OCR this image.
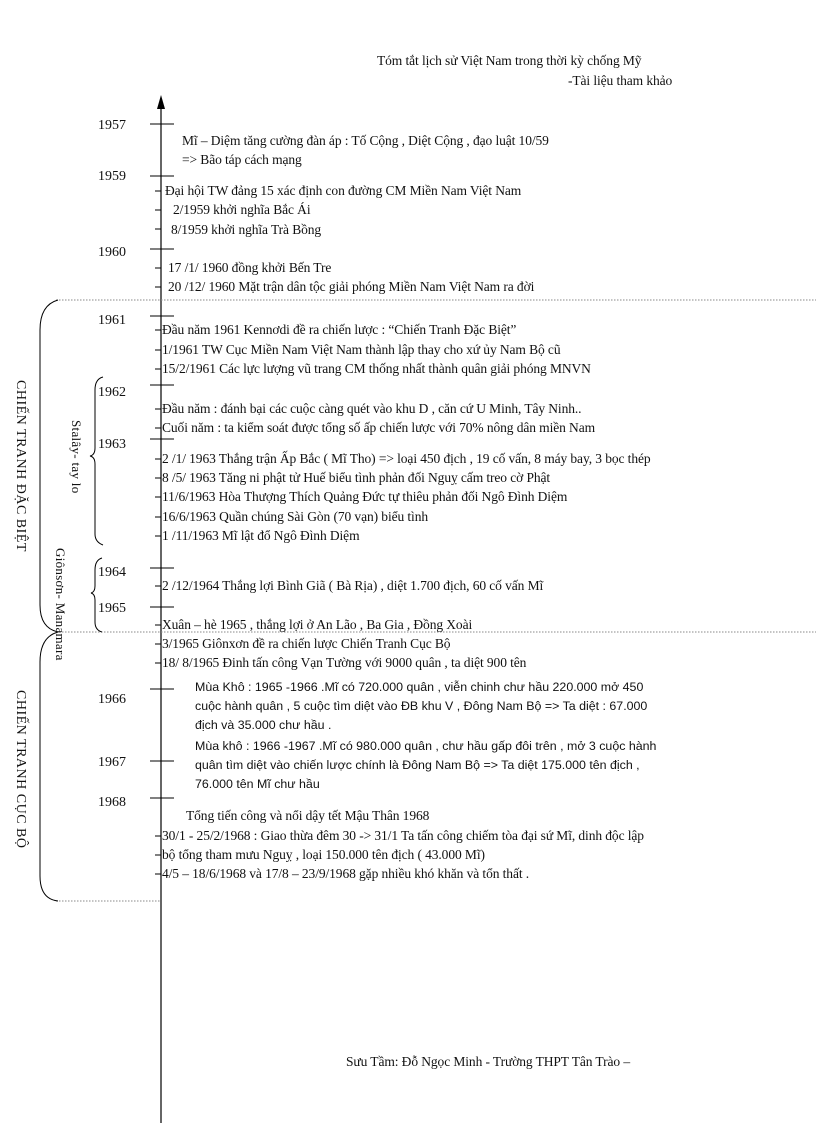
Tóm tắt lịch sử Việt Nam trong thời kỳ chống Mỹ
-Tài liệu tham khảo
CHIẾN TRANH ĐẶC BIỆT
CHIẾN TRANH CỤC BỘ
Stalây- tay lo
Giônsơn- Manamara
1957
1959
1960
1961
1962
1963
1964
1965
1966
1967
1968
Mĩ – Diệm tăng cường đàn áp : Tố Cộng , Diệt Cộng , đạo luật 10/59
=> Bão táp cách mạng
Đại hội TW đảng 15 xác định con đường CM Miền Nam Việt Nam
2/1959 khởi nghĩa Bắc Ái
8/1959 khởi nghĩa Trà Bồng
17 /1/ 1960 đồng khởi Bến Tre
20 /12/ 1960 Mặt trận dân tộc giải phóng Miền Nam Việt Nam ra đời
Đầu năm 1961 Kennơdi đề ra chiến lược : “Chiến Tranh Đặc Biệt”
1/1961 TW Cục Miền Nam Việt Nam thành lập thay cho xứ ủy Nam Bộ cũ
15/2/1961 Các lực lượng vũ trang CM thống nhất thành quân giải phóng MNVN
Đầu năm : đánh bại các cuộc càng quét vào khu D , căn cứ U Minh, Tây Ninh..
Cuối năm : ta kiểm soát được tổng số ấp chiến lược với 70% nông dân miền Nam
2 /1/ 1963 Thắng trận Ấp Bắc ( Mĩ Tho) => loại 450 địch , 19 cố vấn, 8 máy bay, 3 bọc thép
8 /5/ 1963 Tăng ni phật tử Huế biểu tình phản đối Nguỵ cấm treo cờ Phật
11/6/1963 Hòa Thượng Thích Quảng Đức tự thiêu phản đối Ngô Đình Diệm
16/6/1963 Quần chúng Sài Gòn (70 vạn) biểu tình
1 /11/1963 Mĩ lật đổ Ngô Đình Diệm
2 /12/1964 Thắng lợi Bình Giã ( Bà Rịa) , diệt 1.700 địch, 60 cố vấn Mĩ
Xuân – hè 1965 , thắng lợi ở An Lão , Ba Gia , Đồng Xoài
3/1965 Giônxơn đề ra chiến lược Chiến Tranh Cục Bộ
18/ 8/1965 Đinh tấn công Vạn Tường với 9000 quân , ta diệt 900 tên
Mùa Khô : 1965 -1966 .Mĩ có 720.000 quân , viễn chinh chư hầu 220.000 mở 450
cuộc hành quân , 5 cuộc tìm diệt vào ĐB khu V , Đông Nam Bộ => Ta diệt : 67.000
địch và 35.000 chư hầu .
Mùa khô : 1966 -1967 .Mĩ có 980.000 quân , chư hầu gấp đôi trên , mở 3 cuộc hành
quân tìm diệt vào chiến lược chính là Đông Nam Bộ => Ta diệt 175.000 tên địch ,
76.000 tên Mĩ chư hầu
Tổng tiến công và nổi dậy tết Mậu Thân 1968
30/1 - 25/2/1968 : Giao thừa đêm 30 -> 31/1 Ta tấn công chiếm tòa đại sứ Mĩ, dinh độc lập
bộ tổng tham mưu Nguỵ , loại 150.000 tên địch ( 43.000 Mĩ)
4/5 – 18/6/1968 và 17/8 – 23/9/1968 gặp nhiều khó khăn và tổn thất .
Sưu Tầm: Đỗ Ngọc Minh - Trường THPT Tân Trào –
